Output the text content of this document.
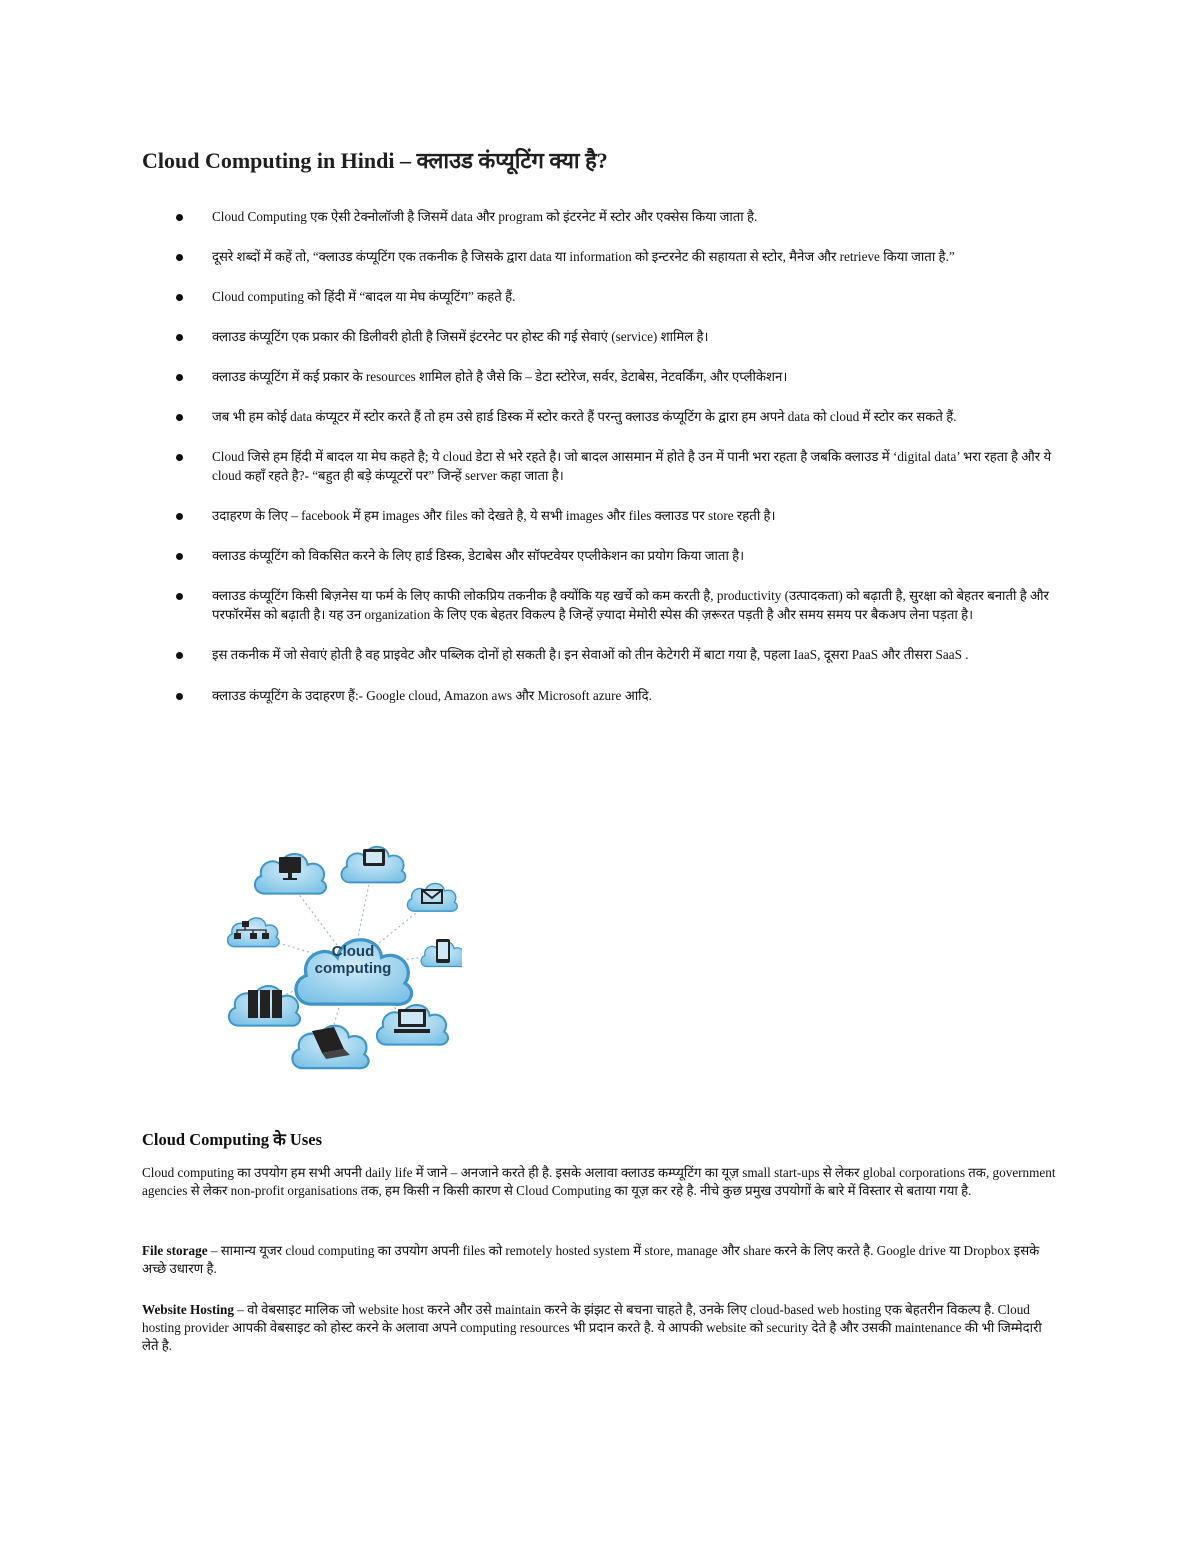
Cloud Computing in Hindi – क्लाउड कंप्यूटिंग क्या है?
Cloud Computing एक ऐसी टेक्नोलॉजी है जिसमें data और program को इंटरनेट में स्टोर और एक्सेस किया जाता है.
दूसरे शब्दों में कहें तो, “क्लाउड कंप्यूटिंग एक तकनीक है जिसके द्वारा data या information को इन्टरनेट की सहायता से स्टोर, मैनेज और retrieve किया जाता है.”
Cloud computing को हिंदी में “बादल या मेघ कंप्यूटिंग” कहते हैं.
क्लाउड कंप्यूटिंग एक प्रकार की डिलीवरी होती है जिसमें इंटरनेट पर होस्ट की गई सेवाएं (service) शामिल है।
क्लाउड कंप्यूटिंग में कई प्रकार के resources शामिल होते है जैसे कि – डेटा स्टोरेज, सर्वर, डेटाबेस, नेटवर्किंग, और एप्लीकेशन।
जब भी हम कोई data कंप्यूटर में स्टोर करते हैं तो हम उसे हार्ड डिस्क में स्टोर करते हैं परन्तु क्लाउड कंप्यूटिंग के द्वारा हम अपने data को cloud में स्टोर कर सकते हैं.
Cloud जिसे हम हिंदी में बादल या मेघ कहते है; ये cloud डेटा से भरे रहते है। जो बादल आसमान में होते है उन में पानी भरा रहता है जबकि क्लाउड में ‘digital data’ भरा रहता है और ये cloud कहाँ रहते है?- “बहुत ही बड़े कंप्यूटरों पर” जिन्हें server कहा जाता है।
उदाहरण के लिए – facebook में हम images और files को देखते है, ये सभी images और files क्लाउड पर store रहती है।
क्लाउड कंप्यूटिंग को विकसित करने के लिए हार्ड डिस्क, डेटाबेस और सॉफ्टवेयर एप्लीकेशन का प्रयोग किया जाता है।
क्लाउड कंप्यूटिंग किसी बिज़नेस या फर्म के लिए काफी लोकप्रिय तकनीक है क्योंकि यह खर्चे को कम करती है, productivity (उत्पादकता) को बढ़ाती है, सुरक्षा को बेहतर बनाती है और परफॉरमेंस को बढ़ाती है। यह उन organization के लिए एक बेहतर विकल्प है जिन्हें ज़्यादा मेमोरी स्पेस की ज़रूरत पड़ती है और समय समय पर बैकअप लेना पड़ता है।
इस तकनीक में जो सेवाएं होती है वह प्राइवेट और पब्लिक दोनों हो सकती है। इन सेवाओं को तीन केटेगरी में बाटा गया है, पहला IaaS, दूसरा PaaS और तीसरा SaaS .
क्लाउड कंप्यूटिंग के उदाहरण हैं:- Google cloud, Amazon aws और Microsoft azure आदि.
Cloud
computing
Cloud Computing के Uses
Cloud computing का उपयोग हम सभी अपनी daily life में जाने – अनजाने करते ही है. इसके अलावा क्लाउड कम्प्यूटिंग का यूज़ small start-ups से लेकर global corporations तक, government agencies से लेकर non-profit organisations तक, हम किसी न किसी कारण से Cloud Computing का यूज़ कर रहे है. नीचे कुछ प्रमुख उपयोगों के बारे में विस्तार से बताया गया है.
File storage – सामान्य यूजर cloud computing का उपयोग अपनी files को remotely hosted system में store, manage और share करने के लिए करते है. Google drive या Dropbox इसके अच्छे उधारण है.
Website Hosting – वो वेबसाइट मालिक जो website host करने और उसे maintain करने के झंझट से बचना चाहते है, उनके लिए cloud-based web hosting एक बेहतरीन विकल्प है. Cloud hosting provider आपकी वेबसाइट को होस्ट करने के अलावा अपने computing resources भी प्रदान करते है. ये आपकी website को security देते है और उसकी maintenance की भी जिम्मेदारी लेते है.
